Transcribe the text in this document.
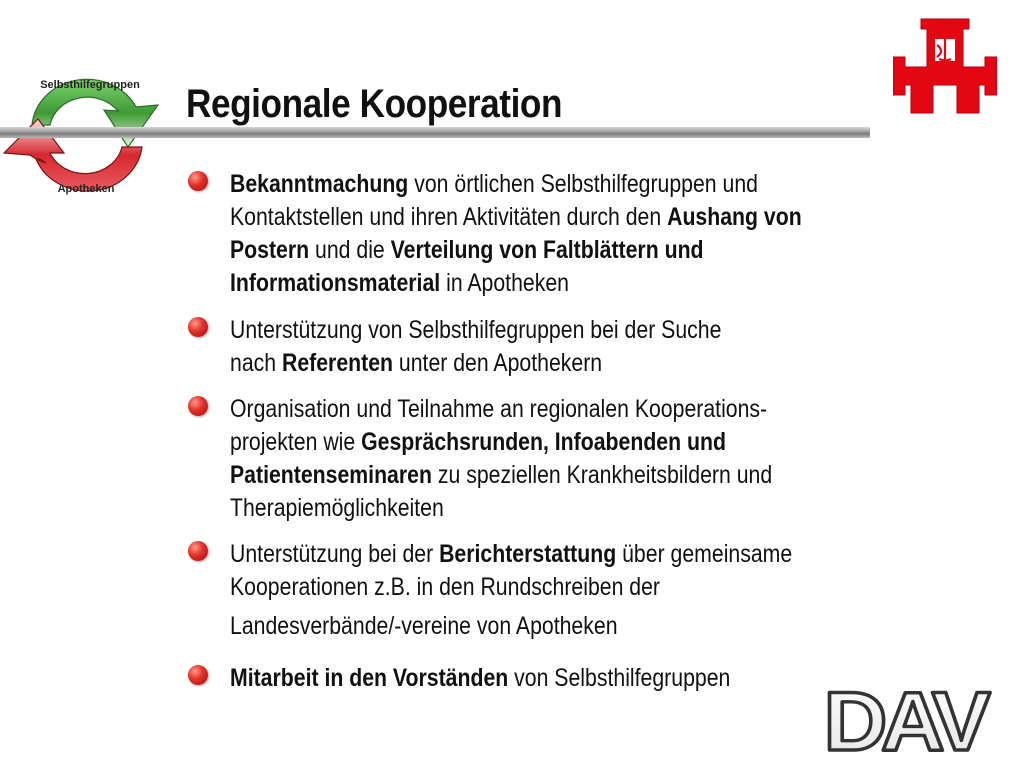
Selbsthilfegruppen
Apotheken
Regionale Kooperation
Bekanntmachung von örtlichen Selbsthilfegruppen und
Kontaktstellen und ihren Aktivitäten durch den Aushang von
Postern und die Verteilung von Faltblättern und
Informationsmaterial in Apotheken
Unterstützung von Selbsthilfegruppen bei der Suche
nach Referenten unter den Apothekern
Organisation und Teilnahme an regionalen Kooperations-
projekten wie Gesprächsrunden, Infoabenden und
Patientenseminaren zu speziellen Krankheitsbildern und
Therapiemöglichkeiten
Unterstützung bei der Berichterstattung über gemeinsame
Kooperationen z.B. in den Rundschreiben der
Landesverbände/-vereine von Apotheken
Mitarbeit in den Vorständen von Selbsthilfegruppen	DAV
